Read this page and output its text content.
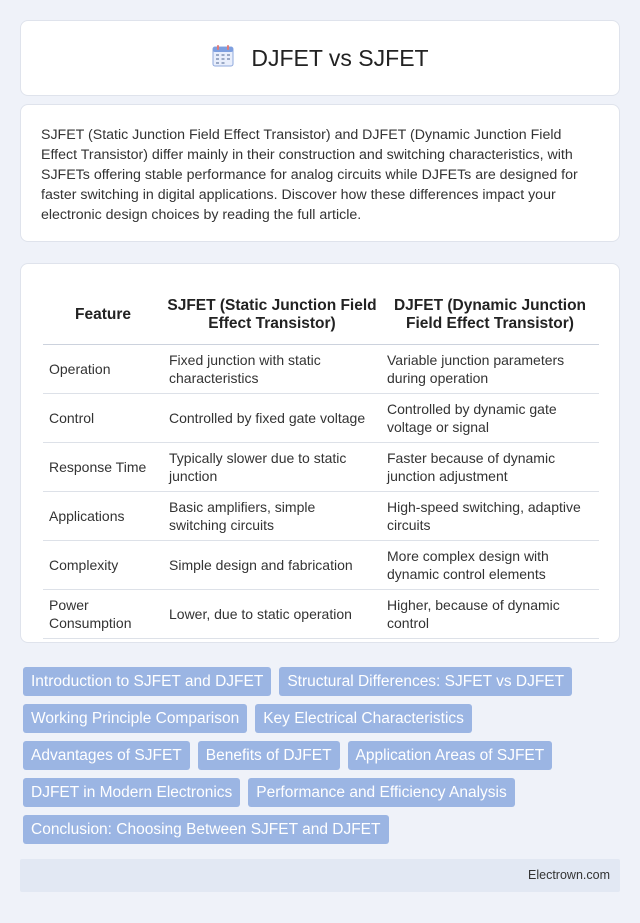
DJFET vs SJFET

SJFET (Static Junction Field Effect Transistor) and DJFET (Dynamic Junction Field Effect Transistor) differ mainly in their construction and switching characteristics, with SJFETs offering stable performance for analog circuits while DJFETs are designed for faster switching in digital applications. Discover how these differences impact your electronic design choices by reading the full article.

Feature	SJFET (Static Junction Field Effect Transistor)	DJFET (Dynamic Junction Field Effect Transistor)
Operation	Fixed junction with static characteristics	Variable junction parameters during operation
Control	Controlled by fixed gate voltage	Controlled by dynamic gate voltage or signal
Response Time	Typically slower due to static junction	Faster because of dynamic junction adjustment
Applications	Basic amplifiers, simple switching circuits	High-speed switching, adaptive circuits
Complexity	Simple design and fabrication	More complex design with dynamic control elements
Power Consumption	Lower, due to static operation	Higher, because of dynamic control
Introduction to SJFET and DJFET	Structural Differences: SJFET vs DJFET
Working Principle Comparison	Key Electrical Characteristics
Advantages of SJFET	Benefits of DJFET	Application Areas of SJFET
DJFET in Modern Electronics	Performance and Efficiency Analysis
Conclusion: Choosing Between SJFET and DJFET
Electrown.com
